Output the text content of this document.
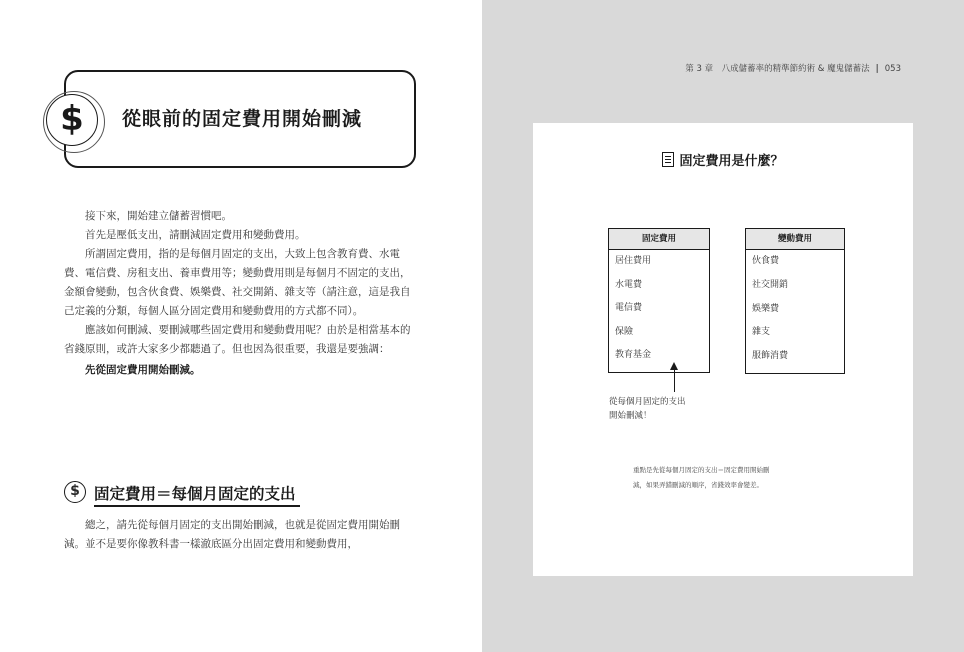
$	從眼前的固定費用開始刪減

接下來，開始建立儲蓄習慣吧。

首先是壓低支出，請刪減固定費用和變動費用。

所謂固定費用，指的是每個月固定的支出，大致上包含教育費、水電費、電信費、房租支出、養車費用等；變動費用則是每個月不固定的支出，金額會變動，包含伙食費、娛樂費、社交開銷、雜支等（請注意，這是我自己定義的分類，每個人區分固定費用和變動費用的方式都不同）。

應該如何刪減、要刪減哪些固定費用和變動費用呢？由於是相當基本的省錢原則，或許大家多少都聽過了。但也因為很重要，我還是要強調：

先從固定費用開始刪減。

$ 固定費用＝每個月固定的支出

總之，請先從每個月固定的支出開始刪減，也就是從固定費用開始刪減。並不是要你像教科書一樣澈底區分出固定費用和變動費用，

第 3 章　八成儲蓄率的精準節約術 & 魔鬼儲蓄法 | 053
固定費用是什麼？
固定費用
居住費用
水電費
電信費
保險
教育基金
變動費用
伙食費
社交開銷
娛樂費
雜支
服飾消費
從每個月固定的支出
開始刪減！
重點是先從每個月固定的支出＝固定費用開始刪
減，如果弄錯刪減的順序，省錢效率會變差。
